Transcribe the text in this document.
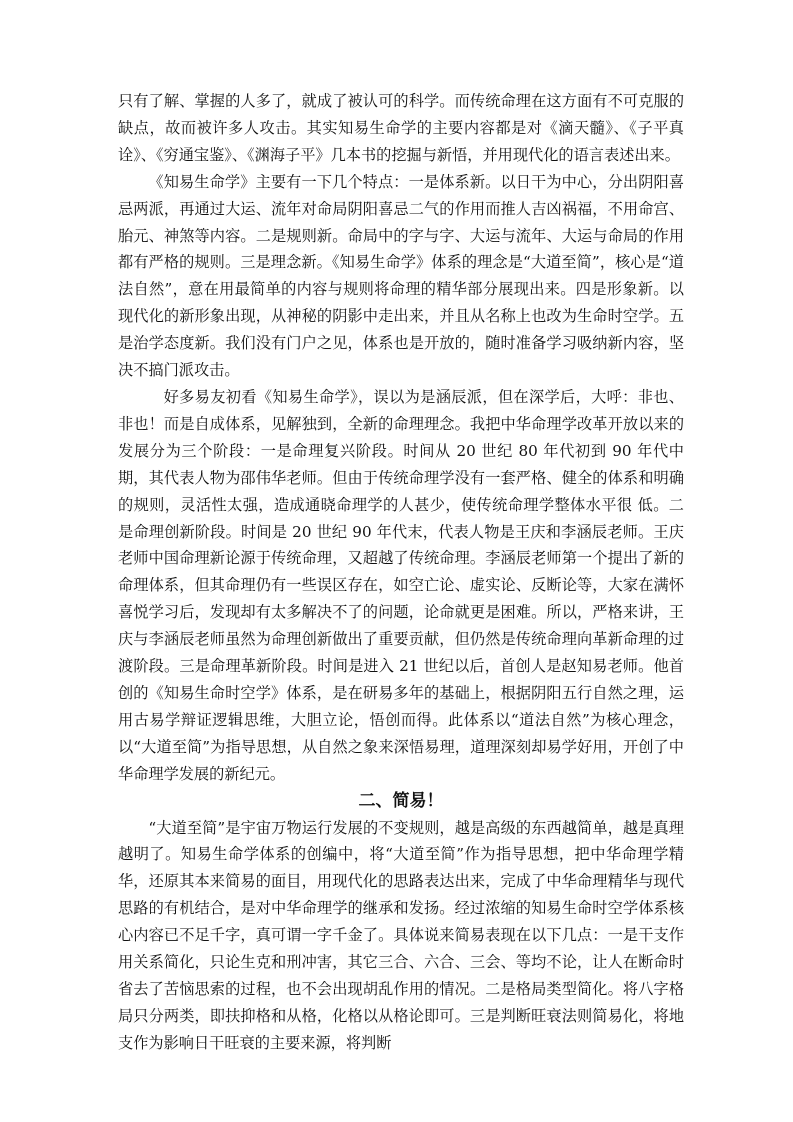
只有了解、掌握的人多了，就成了被认可的科学。而传统命理在这方面有不可克服的缺点，故而被许多人攻击。其实知易生命学的主要内容都是对《滴天髓》、《子平真诠》、《穷通宝鉴》、《渊海子平》几本书的挖掘与新悟，并用现代化的语言表述出来。

《知易生命学》主要有一下几个特点：一是体系新。以日干为中心，分出阴阳喜忌两派，再通过大运、流年对命局阴阳喜忌二气的作用而推人吉凶祸福，不用命宫、胎元、神煞等内容。二是规则新。命局中的字与字、大运与流年、大运与命局的作用都有严格的规则。三是理念新。《知易生命学》体系的理念是“大道至简”，核心是“道法自然”，意在用最简单的内容与规则将命理的精华部分展现出来。四是形象新。以现代化的新形象出现，从神秘的阴影中走出来，并且从名称上也改为生命时空学。五是治学态度新。我们没有门户之见，体系也是开放的，随时准备学习吸纳新内容，坚决不搞门派攻击。

好多易友初看《知易生命学》，误以为是涵辰派，但在深学后，大呼：非也、非也！而是自成体系，见解独到，全新的命理理念。我把中华命理学改革开放以来的发展分为三个阶段：一是命理复兴阶段。时间从 20 世纪 80 年代初到 90 年代中期，其代表人物为邵伟华老师。但由于传统命理学没有一套严格、健全的体系和明确的规则，灵活性太强，造成通晓命理学的人甚少，使传统命理学整体水平很 低。二是命理创新阶段。时间是 20 世纪 90 年代末，代表人物是王庆和李涵辰老师。王庆老师中国命理新论源于传统命理，又超越了传统命理。李涵辰老师第一个提出了新的命理体系，但其命理仍有一些误区存在，如空亡论、虚实论、反断论等，大家在满怀喜悦学习后，发现却有太多解决不了的问题，论命就更是困难。所以，严格来讲，王庆与李涵辰老师虽然为命理创新做出了重要贡献，但仍然是传统命理向革新命理的过渡阶段。三是命理革新阶段。时间是进入 21 世纪以后，首创人是赵知易老师。他首创的《知易生命时空学》体系，是在研易多年的基础上，根据阴阳五行自然之理，运用古易学辩证逻辑思维，大胆立论，悟创而得。此体系以“道法自然”为核心理念，以“大道至简”为指导思想，从自然之象来深悟易理，道理深刻却易学好用，开创了中华命理学发展的新纪元。

二、简易！

“大道至简”是宇宙万物运行发展的不变规则，越是高级的东西越简单，越是真理越明了。知易生命学体系的创编中，将“大道至简”作为指导思想，把中华命理学精华，还原其本来简易的面目，用现代化的思路表达出来，完成了中华命理精华与现代思路的有机结合，是对中华命理学的继承和发扬。经过浓缩的知易生命时空学体系核心内容已不足千字，真可谓一字千金了。具体说来简易表现在以下几点：一是干支作用关系简化，只论生克和刑冲害，其它三合、六合、三会、等均不论，让人在断命时省去了苦恼思索的过程，也不会出现胡乱作用的情况。二是格局类型简化。将八字格局只分两类，即扶抑格和从格，化格以从格论即可。三是判断旺衰法则简易化，将地支作为影响日干旺衰的主要来源，将判断
